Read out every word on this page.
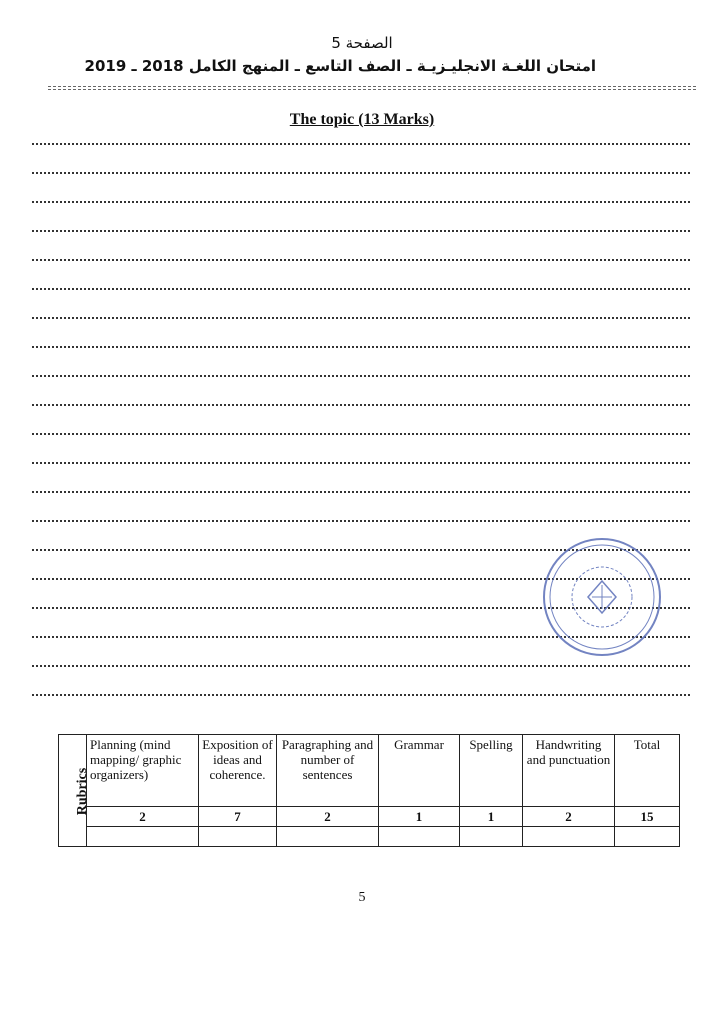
الصفحة 5
امتحان اللغـة الانجليـزيـة ـ الصف التاسع ـ المنهج الكامل 2018 ـ 2019
The topic (13 Marks)
Rubrics	Planning (mind mapping/ graphic organizers)	Exposition of ideas and coherence.	Paragraphing and number of sentences	Grammar	Spelling	Handwriting and punctuation	Total
	2	7	2	1	1	2	15

5
